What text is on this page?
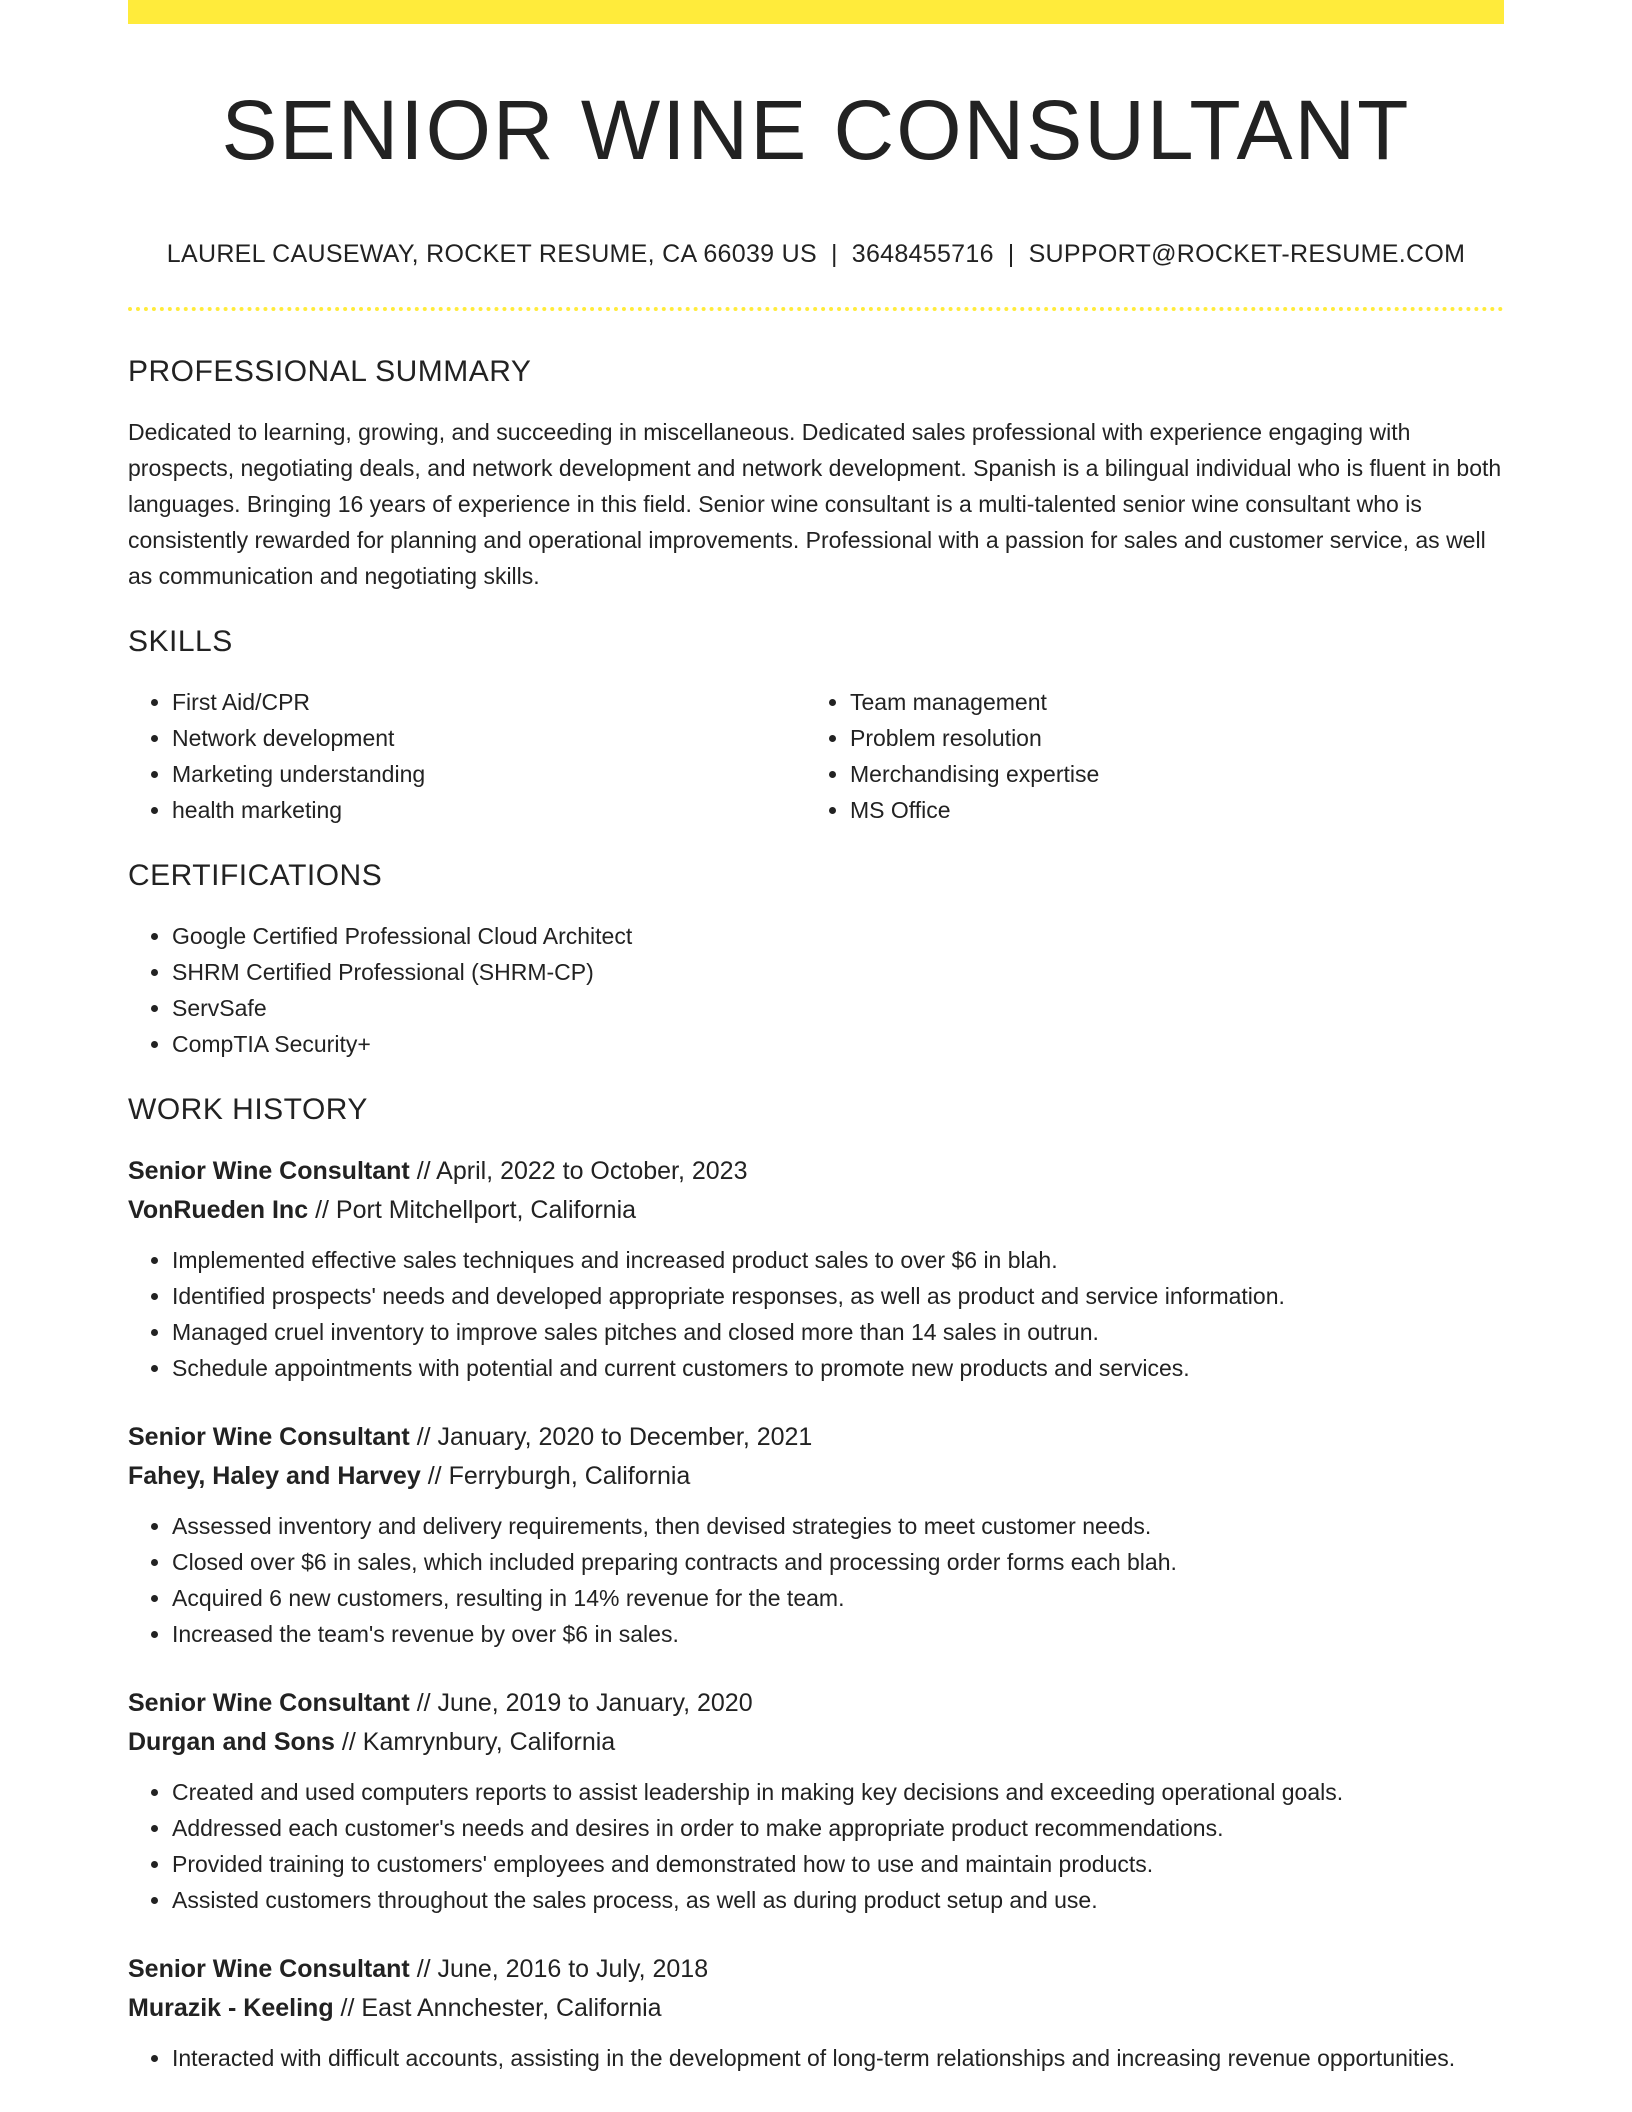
SENIOR WINE CONSULTANT
LAUREL CAUSEWAY, ROCKET RESUME, CA 66039 US | 3648455716 | SUPPORT@ROCKET-RESUME.COM
PROFESSIONAL SUMMARY

Dedicated to learning, growing, and succeeding in miscellaneous. Dedicated sales professional with experience engaging with prospects, negotiating deals, and network development and network development. Spanish is a bilingual individual who is fluent in both languages. Bringing 16 years of experience in this field. Senior wine consultant is a multi-talented senior wine consultant who is consistently rewarded for planning and operational improvements. Professional with a passion for sales and customer service, as well as communication and negotiating skills.

SKILLS
• First Aid/CPR
• Network development
• Marketing understanding
• health marketing
• Team management
• Problem resolution
• Merchandising expertise
• MS Office
CERTIFICATIONS
• Google Certified Professional Cloud Architect
• SHRM Certified Professional (SHRM-CP)
• ServSafe
• CompTIA Security+
WORK HISTORY
Senior Wine Consultant // April, 2022 to October, 2023
VonRueden Inc // Port Mitchellport, California
• Implemented effective sales techniques and increased product sales to over $6 in blah.
• Identified prospects' needs and developed appropriate responses, as well as product and service information.
• Managed cruel inventory to improve sales pitches and closed more than 14 sales in outrun.
• Schedule appointments with potential and current customers to promote new products and services.
Senior Wine Consultant // January, 2020 to December, 2021
Fahey, Haley and Harvey // Ferryburgh, California
• Assessed inventory and delivery requirements, then devised strategies to meet customer needs.
• Closed over $6 in sales, which included preparing contracts and processing order forms each blah.
• Acquired 6 new customers, resulting in 14% revenue for the team.
• Increased the team's revenue by over $6 in sales.
Senior Wine Consultant // June, 2019 to January, 2020
Durgan and Sons // Kamrynbury, California
• Created and used computers reports to assist leadership in making key decisions and exceeding operational goals.
• Addressed each customer's needs and desires in order to make appropriate product recommendations.
• Provided training to customers' employees and demonstrated how to use and maintain products.
• Assisted customers throughout the sales process, as well as during product setup and use.
Senior Wine Consultant // June, 2016 to July, 2018
Murazik - Keeling // East Annchester, California
• Interacted with difficult accounts, assisting in the development of long-term relationships and increasing revenue opportunities.
